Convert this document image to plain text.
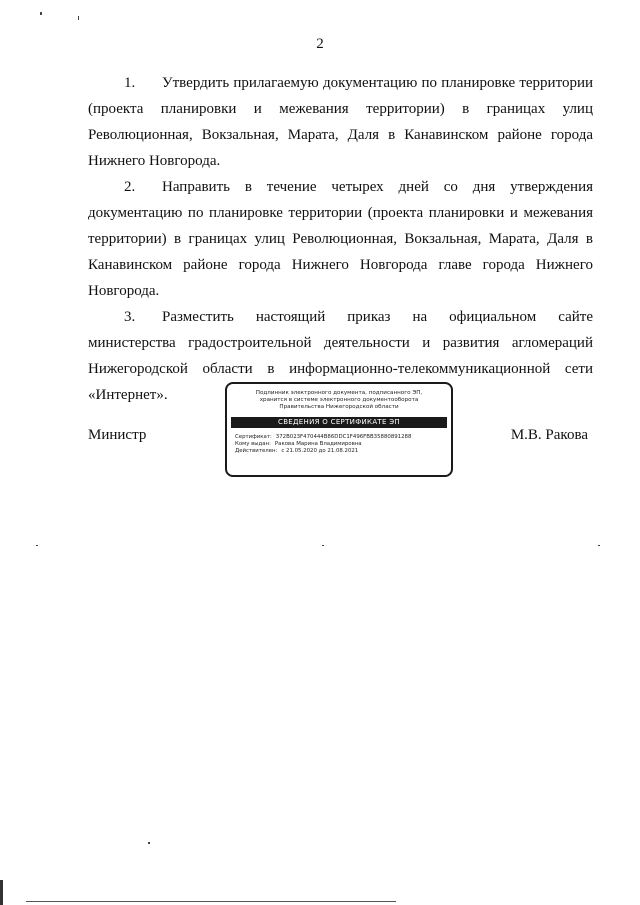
2

1. Утвердить прилагаемую документацию по планировке территории (проекта планировки и межевания территории) в границах улиц Революционная, Вокзальная, Марата, Даля в Канавинском районе города Нижнего Новгорода.

2. Направить в течение четырех дней со дня утверждения документацию по планировке территории (проекта планировки и межевания территории) в границах улиц Революционная, Вокзальная, Марата, Даля в Канавинском районе города Нижнего Новгорода главе города Нижнего Новгорода.

3. Разместить настоящий приказ на официальном сайте министерства градостроительной деятельности и развития агломераций Нижегородской области в информационно-телекоммуникационной сети «Интернет».

Министр
Подлинник электронного документа, подписанного ЭП,
хранится в системе электронного документооборота
Правительства Нижегородской области
СВЕДЕНИЯ О СЕРТИФИКАТЕ ЭП
Сертификат: 372B023F470444B86DDC1F496FBB35880891288
Кому выдан: Ракова Марина Владимировна
Действителен: с 21.05.2020 до 21.08.2021
М.В. Ракова
